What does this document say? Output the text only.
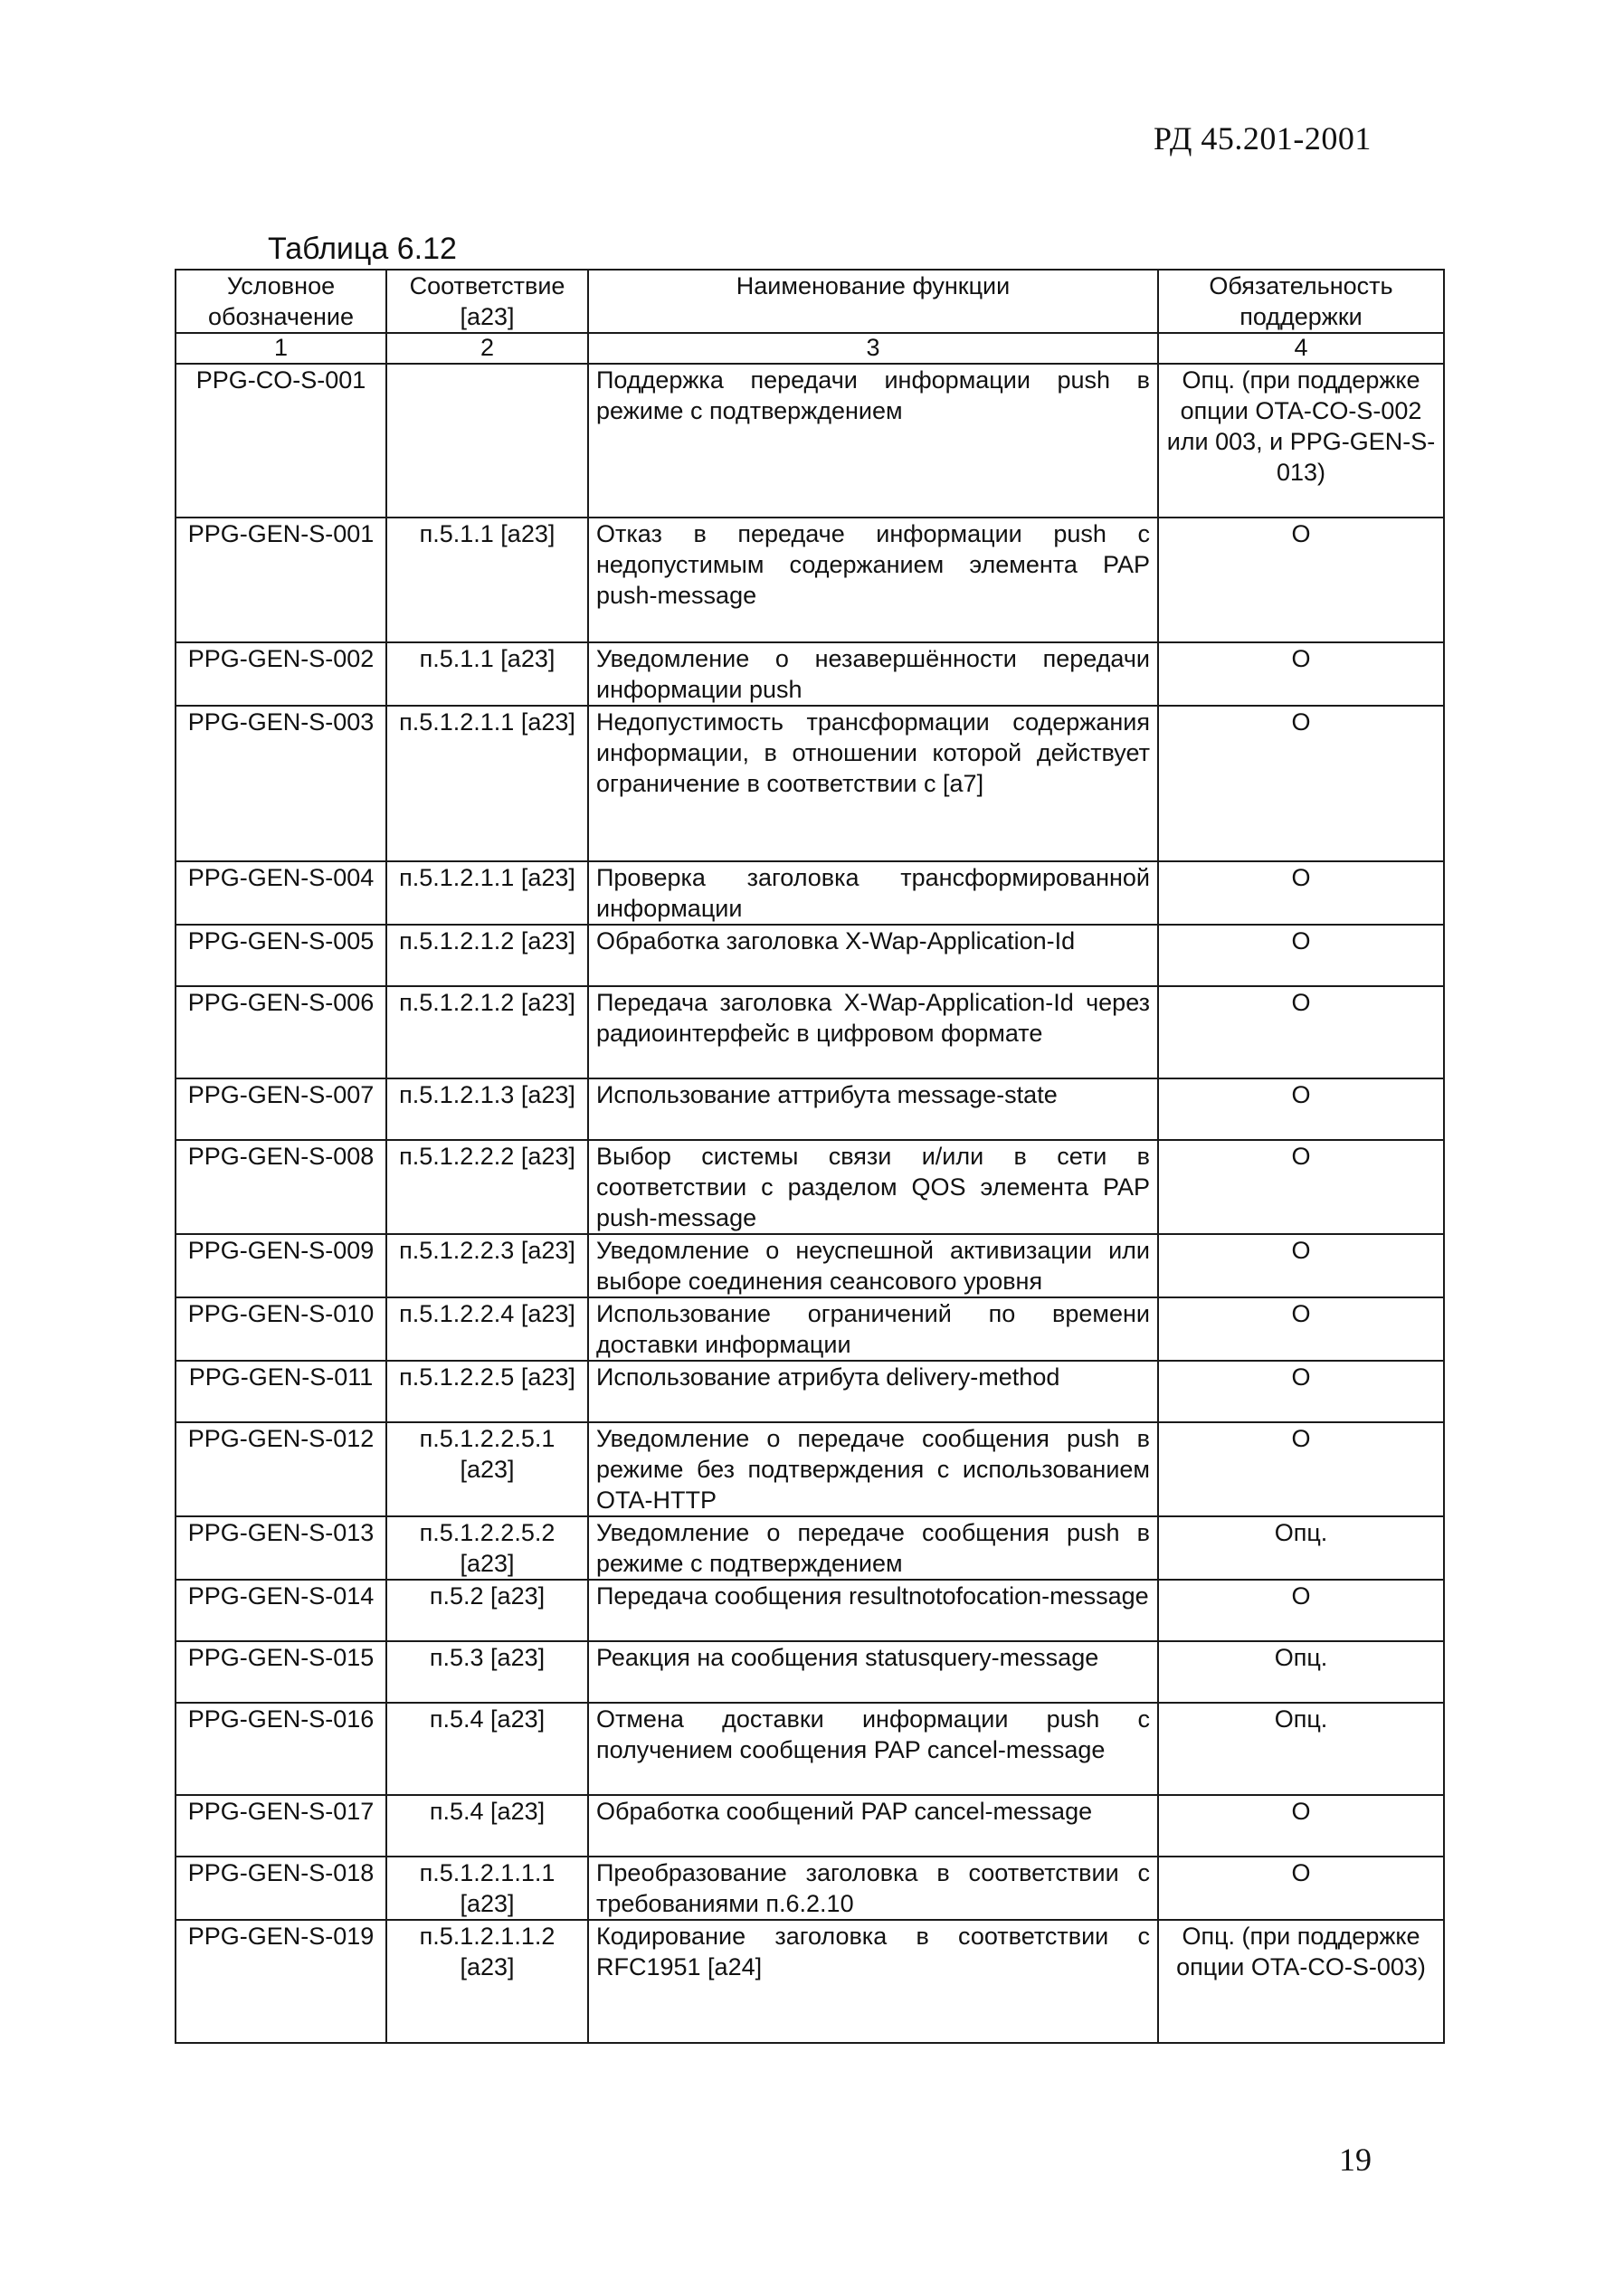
РД 45.201-2001
Таблица 6.12
Условное обозначение	Соответствие [a23]	Наименование функции	Обязательность поддержки
1	2	3	4
PPG-CO-S-001		Поддержка передачи информации push в режиме с подтверждением	Опц. (при поддержке опции OTA-CO-S-002 или 003, и PPG-GEN-S-013)
PPG-GEN-S-001	п.5.1.1 [a23]	Отказ в передаче информации push с недопустимым содержанием элемента PAP push-message	О
PPG-GEN-S-002	п.5.1.1 [a23]	Уведомление о незавершённости передачи информации push	О
PPG-GEN-S-003	п.5.1.2.1.1 [a23]	Недопустимость трансформации содержания информации, в отношении которой действует ограничение в соответствии с [a7]	О
PPG-GEN-S-004	п.5.1.2.1.1 [a23]	Проверка заголовка трансформированной информации	О
PPG-GEN-S-005	п.5.1.2.1.2 [a23]	Обработка заголовка X-Wap-Application-Id	О
PPG-GEN-S-006	п.5.1.2.1.2 [a23]	Передача заголовка X-Wap-Application-Id через радиоинтерфейс в цифровом формате	О
PPG-GEN-S-007	п.5.1.2.1.3 [a23]	Использование аттрибута message-state	О
PPG-GEN-S-008	п.5.1.2.2.2 [a23]	Выбор системы связи и/или в сети в соответствии с разделом QOS элемента PAP push-message	О
PPG-GEN-S-009	п.5.1.2.2.3 [a23]	Уведомление о неуспешной активизации или выборе соединения сеансового уровня	О
PPG-GEN-S-010	п.5.1.2.2.4 [a23]	Использование ограничений по времени доставки информации	О
PPG-GEN-S-011	п.5.1.2.2.5 [a23]	Использование атрибута delivery-method	О
PPG-GEN-S-012	п.5.1.2.2.5.1 [a23]	Уведомление о передаче сообщения push в режиме без подтверждения с использованием OTA-HTTP	О
PPG-GEN-S-013	п.5.1.2.2.5.2 [a23]	Уведомление о передаче сообщения push в режиме с подтверждением	Опц.
PPG-GEN-S-014	п.5.2 [a23]	Передача сообщения resultnotofocation-message	О
PPG-GEN-S-015	п.5.3 [a23]	Реакция на сообщения statusquery-message	Опц.
PPG-GEN-S-016	п.5.4 [a23]	Отмена доставки информации push с получением сообщения PAP cancel-message	Опц.
PPG-GEN-S-017	п.5.4 [a23]	Обработка сообщений PAP cancel-message	О
PPG-GEN-S-018	п.5.1.2.1.1.1 [a23]	Преобразование заголовка в соответствии с требованиями п.6.2.10	О
PPG-GEN-S-019	п.5.1.2.1.1.2 [a23]	Кодирование заголовка в соответствии с RFC1951 [a24]	Опц. (при поддержке опции OTA-CO-S-003)
19
